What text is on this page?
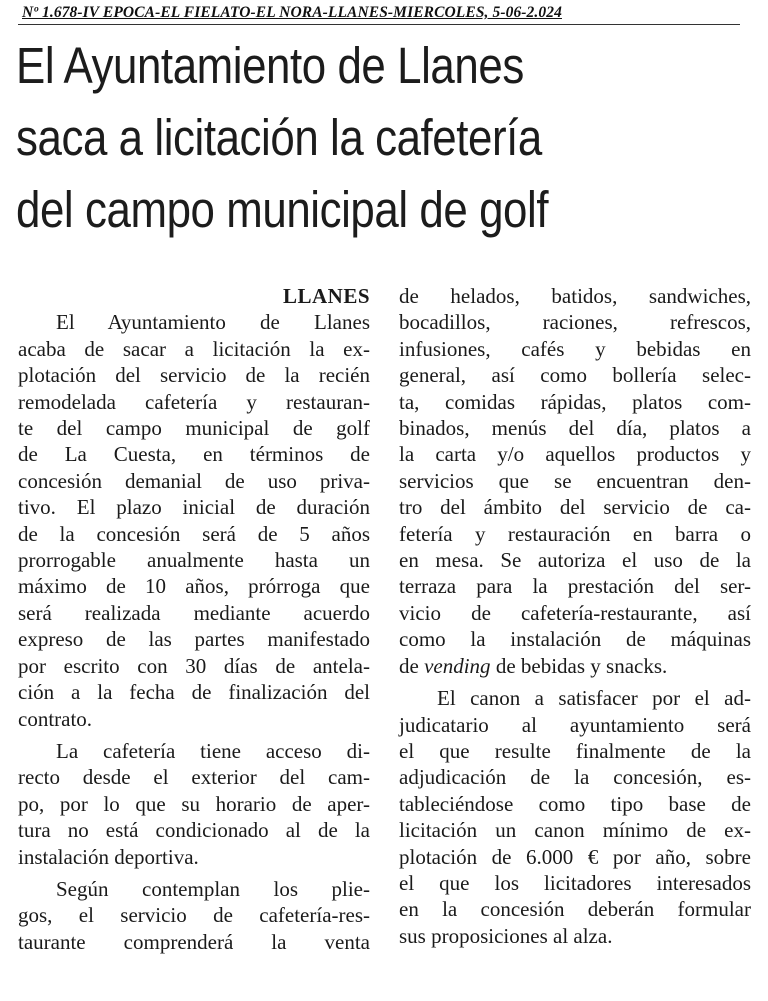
Nº 1.678-IV EPOCA-EL FIELATO-EL NORA-LLANES-MIERCOLES, 5-06-2.024
El Ayuntamiento de Llanes
saca a licitación la cafetería
del campo municipal de golf
LLANES
El Ayuntamiento de Llanes
acaba de sacar a licitación la ex-
plotación del servicio de la recién
remodelada cafetería y restauran-
te del campo municipal de golf
de La Cuesta, en términos de
concesión demanial de uso priva-
tivo. El plazo inicial de duración
de la concesión será de 5 años
prorrogable anualmente hasta un
máximo de 10 años, prórroga que
será realizada mediante acuerdo
expreso de las partes manifestado
por escrito con 30 días de antela-
ción a la fecha de finalización del
contrato.
La cafetería tiene acceso di-
recto desde el exterior del cam-
po, por lo que su horario de aper-
tura no está condicionado al de la
instalación deportiva.
Según contemplan los plie-
gos, el servicio de cafetería-res-
taurante comprenderá la venta
de helados, batidos, sandwiches,
bocadillos, raciones, refrescos,
infusiones, cafés y bebidas en
general, así como bollería selec-
ta, comidas rápidas, platos com-
binados, menús del día, platos a
la carta y/o aquellos productos y
servicios que se encuentran den-
tro del ámbito del servicio de ca-
fetería y restauración en barra o
en mesa. Se autoriza el uso de la
terraza para la prestación del ser-
vicio de cafetería-restaurante, así
como la instalación de máquinas
de vending de bebidas y snacks.
El canon a satisfacer por el ad-
judicatario al ayuntamiento será
el que resulte finalmente de la
adjudicación de la concesión, es-
tableciéndose como tipo base de
licitación un canon mínimo de ex-
plotación de 6.000 € por año, sobre
el que los licitadores interesados
en la concesión deberán formular
sus proposiciones al alza.
